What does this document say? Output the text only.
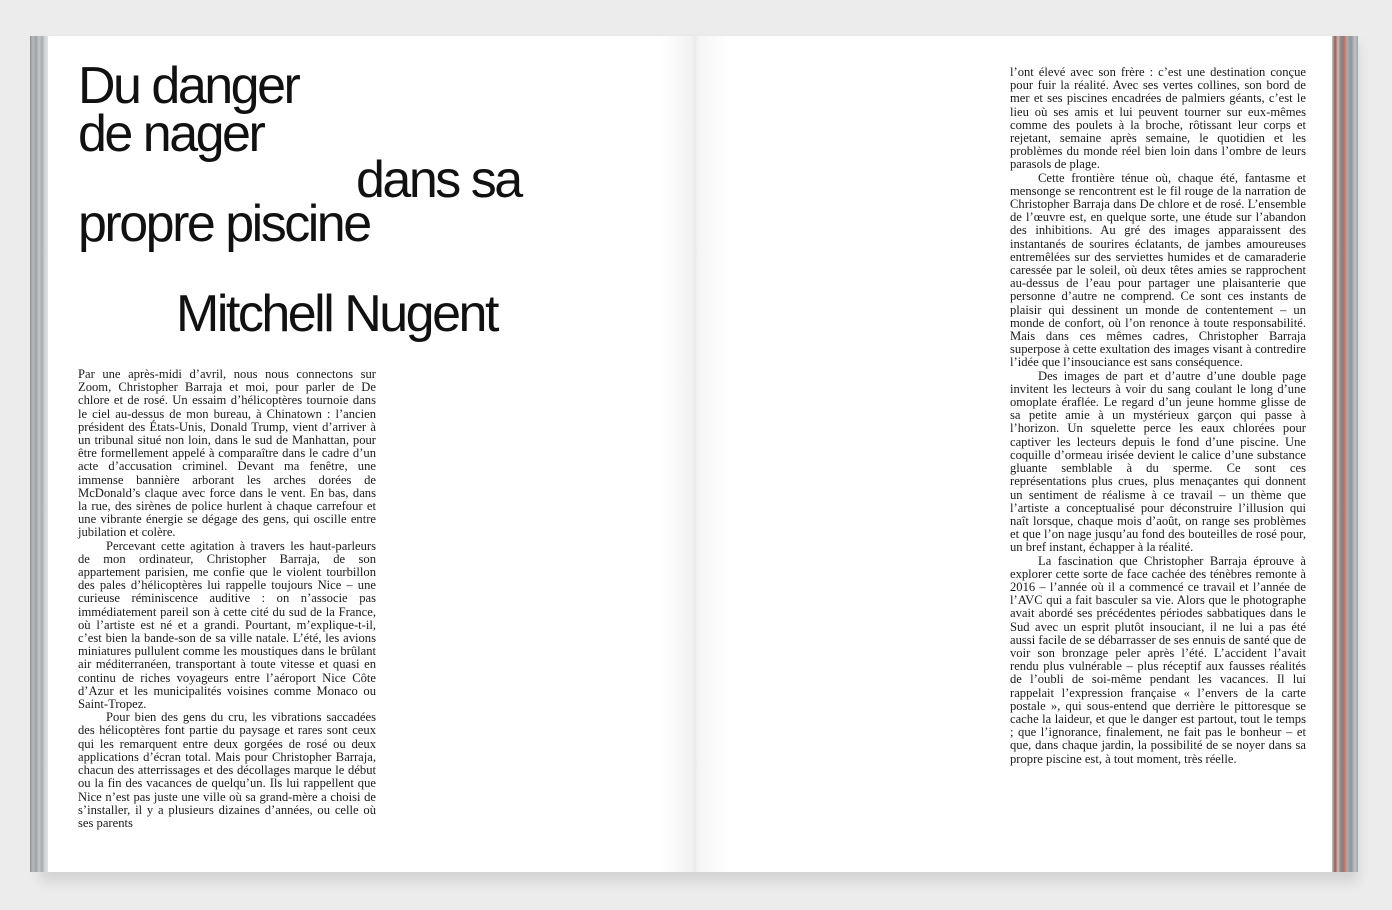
Du danger
de nager
dans sa
propre piscine
Mitchell Nugent

Par une après-midi d’avril, nous nous connectons sur Zoom, Christopher Barraja et moi, pour parler de De chlore et de rosé. Un essaim d’hélicoptères tournoie dans le ciel au-dessus de mon bureau, à Chinatown : l’ancien président des États-Unis, Donald Trump, vient d’arriver à un tribunal situé non loin, dans le sud de Manhattan, pour être formellement appelé à comparaître dans le cadre d’un acte d’accusation criminel. Devant ma fenêtre, une immense bannière arborant les arches dorées de McDonald’s claque avec force dans le vent. En bas, dans la rue, des sirènes de police hurlent à chaque carrefour et une vibrante énergie se dégage des gens, qui oscille entre jubilation et colère.

Percevant cette agitation à travers les haut-parleurs de mon ordinateur, Christopher Barraja, de son appartement parisien, me confie que le violent tourbillon des pales d’hélicoptères lui rappelle toujours Nice – une curieuse réminiscence auditive : on n’associe pas immédiatement pareil son à cette cité du sud de la France, où l’artiste est né et a grandi. Pourtant, m’explique-t-il, c’est bien la bande-son de sa ville natale. L’été, les avions miniatures pullulent comme les moustiques dans le brûlant air méditerranéen, transportant à toute vitesse et quasi en continu de riches voyageurs entre l’aéroport Nice Côte d’Azur et les municipalités voisines comme Monaco ou Saint-Tropez.

Pour bien des gens du cru, les vibrations saccadées des hélicoptères font partie du paysage et rares sont ceux qui les remarquent entre deux gorgées de rosé ou deux applications d’écran total. Mais pour Christopher Barraja, chacun des atterrissages et des décollages marque le début ou la fin des vacances de quelqu’un. Ils lui rappellent que Nice n’est pas juste une ville où sa grand-mère a choisi de s’installer, il y a plusieurs dizaines d’années, ou celle où ses parents

l’ont élevé avec son frère : c’est une destination conçue pour fuir la réalité. Avec ses vertes collines, son bord de mer et ses piscines encadrées de palmiers géants, c’est le lieu où ses amis et lui peuvent tourner sur eux-mêmes comme des poulets à la broche, rôtissant leur corps et rejetant, semaine après semaine, le quotidien et les problèmes du monde réel bien loin dans l’ombre de leurs parasols de plage.

Cette frontière ténue où, chaque été, fantasme et mensonge se rencontrent est le fil rouge de la narration de Christopher Barraja dans De chlore et de rosé. L’ensemble de l’œuvre est, en quelque sorte, une étude sur l’abandon des inhibitions. Au gré des images apparaissent des instantanés de sourires éclatants, de jambes amoureuses entremêlées sur des serviettes humides et de camaraderie caressée par le soleil, où deux têtes amies se rapprochent au-dessus de l’eau pour partager une plaisanterie que personne d’autre ne comprend. Ce sont ces instants de plaisir qui dessinent un monde de contentement – un monde de confort, où l’on renonce à toute responsabilité. Mais dans ces mêmes cadres, Christopher Barraja superpose à cette exultation des images visant à contredire l’idée que l’insouciance est sans conséquence.

Des images de part et d’autre d’une double page invitent les lecteurs à voir du sang coulant le long d’une omoplate éraflée. Le regard d’un jeune homme glisse de sa petite amie à un mystérieux garçon qui passe à l’horizon. Un squelette perce les eaux chlorées pour captiver les lecteurs depuis le fond d’une piscine. Une coquille d’ormeau irisée devient le calice d’une substance gluante semblable à du sperme. Ce sont ces représentations plus crues, plus menaçantes qui donnent un sentiment de réalisme à ce travail – un thème que l’artiste a conceptualisé pour déconstruire l’illusion qui naît lorsque, chaque mois d’août, on range ses problèmes et que l’on nage jusqu’au fond des bouteilles de rosé pour, un bref instant, échapper à la réalité.

La fascination que Christopher Barraja éprouve à explorer cette sorte de face cachée des ténèbres remonte à 2016 – l’année où il a commencé ce travail et l’année de l’AVC qui a fait basculer sa vie. Alors que le photographe avait abordé ses précédentes périodes sabbatiques dans le Sud avec un esprit plutôt insouciant, il ne lui a pas été aussi facile de se débarrasser de ses ennuis de santé que de voir son bronzage peler après l’été. L’accident l’avait rendu plus vulnérable – plus réceptif aux fausses réalités de l’oubli de soi-même pendant les vacances. Il lui rappelait l’expression française « l’envers de la carte postale », qui sous-entend que derrière le pittoresque se cache la laideur, et que le danger est partout, tout le temps ; que l’ignorance, finalement, ne fait pas le bonheur – et que, dans chaque jardin, la possibilité de se noyer dans sa propre piscine est, à tout moment, très réelle.
